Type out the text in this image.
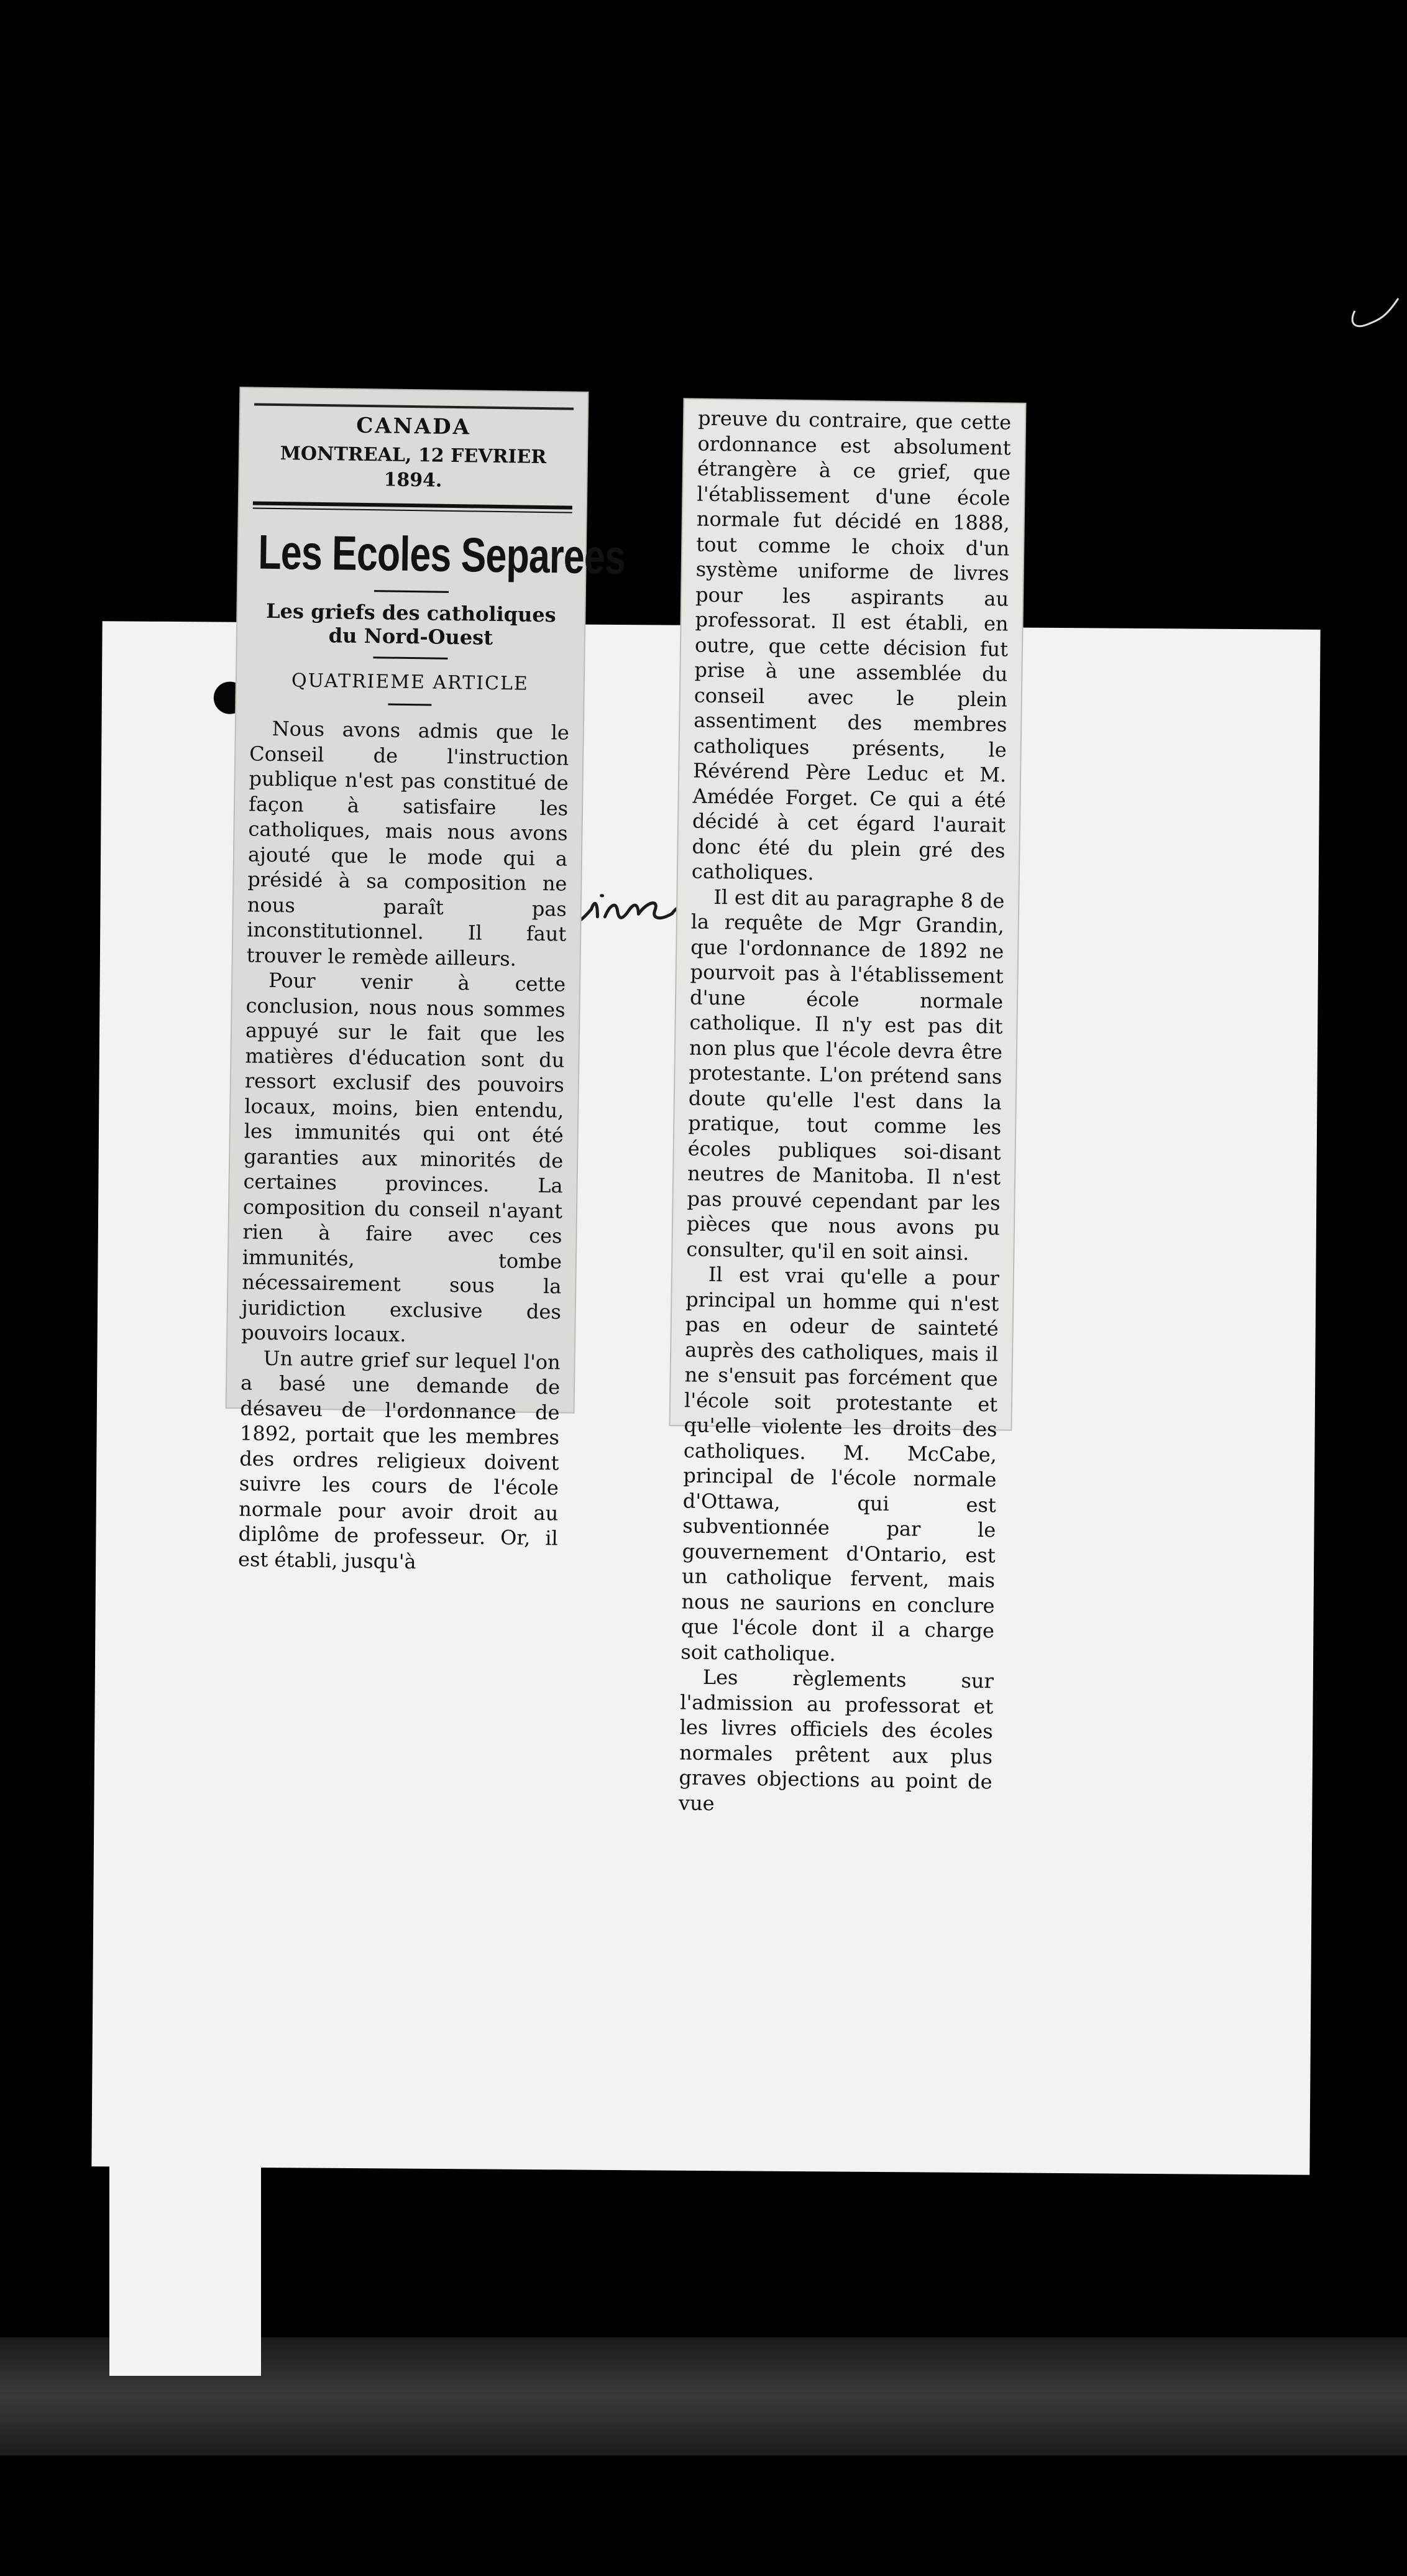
CANADA
MONTREAL, 12 FEVRIER 1894.
Les Ecoles Separees
Les griefs des catholiques du Nord-Ouest
QUATRIEME ARTICLE

Nous avons admis que le Conseil de l'instruction publique n'est pas constitué de façon à satisfaire les catholiques, mais nous avons ajouté que le mode qui a présidé à sa composition ne nous paraît pas inconstitutionnel. Il faut trouver le remède ailleurs.

Pour venir à cette conclusion, nous nous sommes appuyé sur le fait que les matières d'éducation sont du ressort exclusif des pouvoirs locaux, moins, bien entendu, les immunités qui ont été garanties aux minorités de certaines provinces. La composition du conseil n'ayant rien à faire avec ces immunités, tombe nécessairement sous la juridiction exclusive des pouvoirs locaux.

Un autre grief sur lequel l'on a basé une demande de désaveu de l'ordonnance de 1892, portait que les membres des ordres religieux doivent suivre les cours de l'école normale pour avoir droit au diplôme de professeur. Or, il est établi, jusqu'à

preuve du contraire, que cette ordonnance est absolument étrangère à ce grief, que l'établissement d'une école normale fut décidé en 1888, tout comme le choix d'un système uniforme de livres pour les aspirants au professorat. Il est établi, en outre, que cette décision fut prise à une assemblée du conseil avec le plein assentiment des membres catholiques présents, le Révérend Père Leduc et M. Amédée Forget. Ce qui a été décidé à cet égard l'aurait donc été du plein gré des catholiques.

Il est dit au paragraphe 8 de la requête de Mgr Grandin, que l'ordonnance de 1892 ne pourvoit pas à l'établissement d'une école normale catholique. Il n'y est pas dit non plus que l'école devra être protestante. L'on prétend sans doute qu'elle l'est dans la pratique, tout comme les écoles publiques soi-disant neutres de Manitoba. Il n'est pas prouvé cependant par les pièces que nous avons pu consulter, qu'il en soit ainsi.

Il est vrai qu'elle a pour principal un homme qui n'est pas en odeur de sainteté auprès des catholiques, mais il ne s'ensuit pas forcément que l'école soit protestante et qu'elle violente les droits des catholiques. M. McCabe, principal de l'école normale d'Ottawa, qui est subventionnée par le gouvernement d'Ontario, est un catholique fervent, mais nous ne saurions en conclure que l'école dont il a charge soit catholique.

Les règlements sur l'admission au professorat et les livres officiels des écoles normales prêtent aux plus graves objections au point de vue
